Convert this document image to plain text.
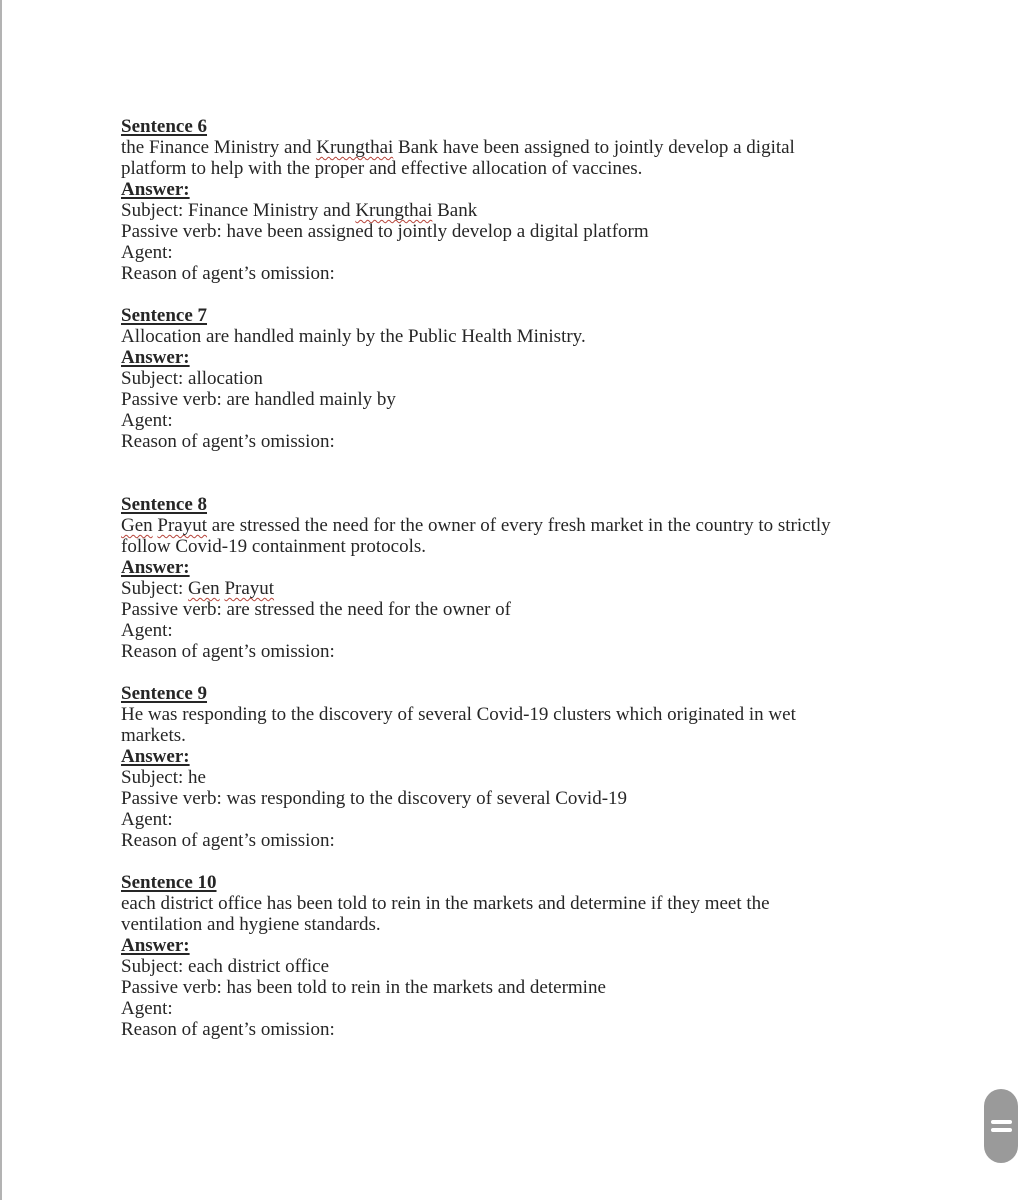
Sentence 6
the Finance Ministry and Krungthai Bank have been assigned to jointly develop a digital
platform to help with the proper and effective allocation of vaccines.
Answer:
Subject: Finance Ministry and Krungthai Bank
Passive verb: have been assigned to jointly develop a digital platform
Agent:
Reason of agent’s omission:
Sentence 7
Allocation are handled mainly by the Public Health Ministry.
Answer:
Subject: allocation
Passive verb: are handled mainly by
Agent:
Reason of agent’s omission:
Sentence 8
Gen Prayut are stressed the need for the owner of every fresh market in the country to strictly
follow Covid-19 containment protocols.
Answer:
Subject: Gen Prayut
Passive verb: are stressed the need for the owner of
Agent:
Reason of agent’s omission:
Sentence 9
He was responding to the discovery of several Covid-19 clusters which originated in wet
markets.
Answer:
Subject: he
Passive verb: was responding to the discovery of several Covid-19
Agent:
Reason of agent’s omission:
Sentence 10
each district office has been told to rein in the markets and determine if they meet the
ventilation and hygiene standards.
Answer:
Subject: each district office
Passive verb: has been told to rein in the markets and determine
Agent:
Reason of agent’s omission:
